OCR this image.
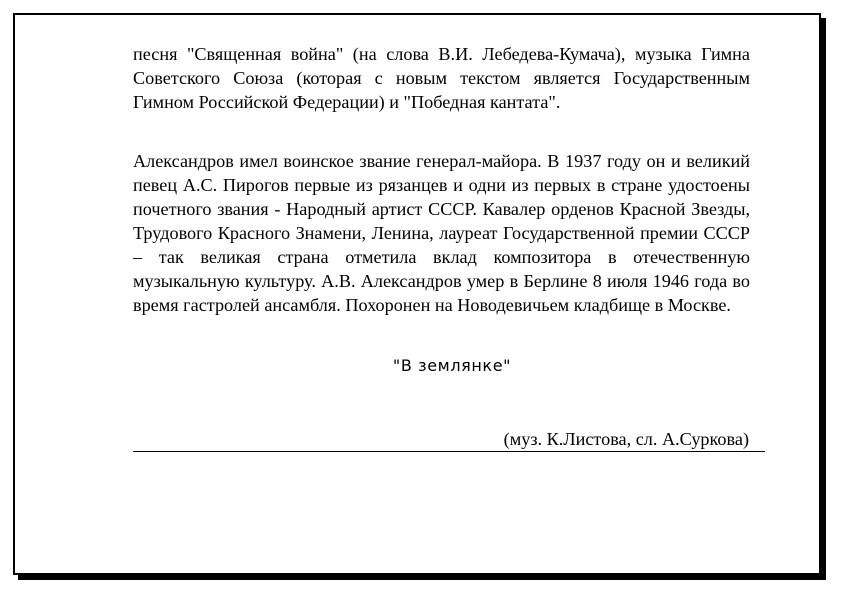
песня "Священная война" (на слова В.И. Лебедева-Кумача), музыка Гимна Советского Союза (которая с новым текстом является Государственным Гимном Российской Федерации) и "Победная кантата".

Александров имел воинское звание генерал-майора. В 1937 году он и великий певец А.С. Пирогов первые из рязанцев и одни из первых в стране удостоены почетного звания - Народный артист СССР. Кавалер орденов Красной Звезды, Трудового Красного Знамени, Ленина, лауреат Государственной премии СССР – так великая страна отметила вклад композитора в отечественную музыкальную культуру. А.В. Александров умер в Берлине 8 июля 1946 года во время гастролей ансамбля. Похоронен на Новодевичьем кладбище в Москве.

"В землянке"

(муз. К.Листова, сл. А.Суркова)
